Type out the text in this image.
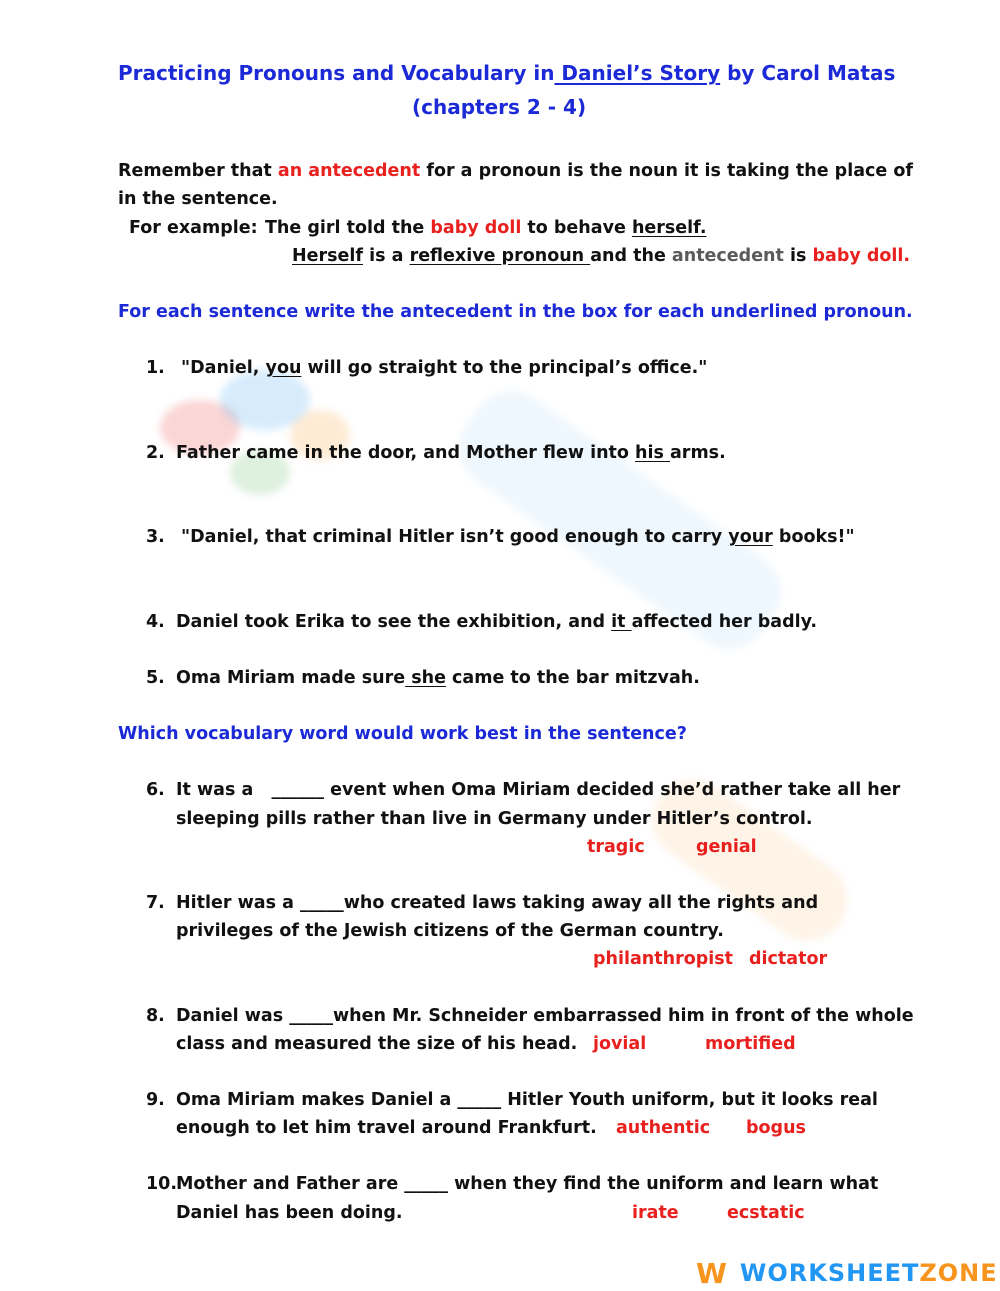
Practicing Pronouns and Vocabulary in Daniel’s Story by Carol Matas
(chapters 2 - 4)
Remember that an antecedent for a pronoun is the noun it is taking the place of
in the sentence.
For example: The girl told the baby doll to behave herself.
Herself is a reflexive pronoun and the antecedent is baby doll.
For each sentence write the antecedent in the box for each underlined pronoun.
1. "Daniel, you will go straight to the principal’s office."
2. Father came in the door, and Mother flew into his arms.
3. "Daniel, that criminal Hitler isn’t good enough to carry your books!"
4. Daniel took Erika to see the exhibition, and it affected her badly.
5. Oma Miriam made sure she came to the bar mitzvah.
Which vocabulary word would work best in the sentence?
6. It was a   ______ event when Oma Miriam decided she’d rather take all her
sleeping pills rather than live in Germany under Hitler’s control.
tragic	genial
7. Hitler was a _____who created laws taking away all the rights and
privileges of the Jewish citizens of the German country.
philanthropist dictator
8. Daniel was _____when Mr. Schneider embarrassed him in front of the whole
class and measured the size of his head. jovial	mortified
9. Oma Miriam makes Daniel a _____ Hitler Youth uniform, but it looks real
enough to let him travel around Frankfurt. authentic bogus
10.
Mother and Father are _____ when they find the uniform and learn what
Daniel has been doing.	irate	ecstatic
W WORKSHEET ZONE
